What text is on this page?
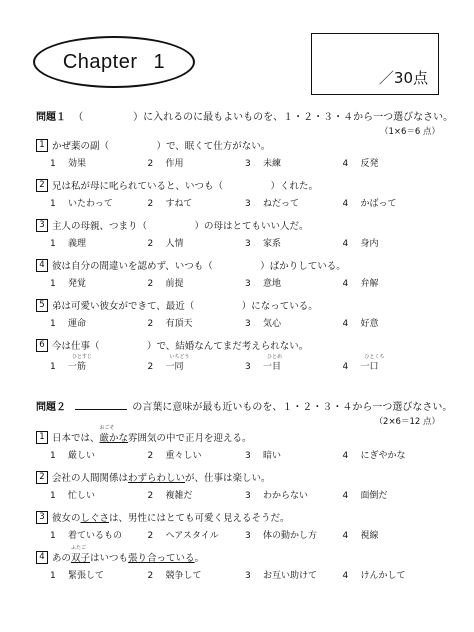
Chapter 1
／30点
問題１ （　　　　　）に入れるのに最もよいものを、１・２・３・４から一つ選びなさい。
（1×6＝6 点）
1 かぜ薬の副（　　　　　）で、眠くて仕方がない。
1 効果	2 作用	3 未練	4 反発
2 兄は私が母に叱られていると、いつも（　　　　　）くれた。
1 いたわって	2 すねて	3 ねだって	4 かばって
3 主人の母親、つまり（　　　　　）の母はとてもいい人だ。
1 義理	2 人情	3 家系	4 身内
4 彼は自分の間違いを認めず、いつも（　　　　　）ばかりしている。
1 発覚	2 前提	3 意地	4 弁解
5 弟は可愛い彼女ができて、最近（　　　　　）になっている。
1 運命	2 有頂天	3 気心	4 好意
6 今は仕事（　　　　　）で、結婚なんてまだ考えられない。
ひとすじ	いちどう	ひとめ	ひとくち
1 一筋	2 一同	3 一目	4 一口
問題２	の言葉に意味が最も近いものを、１・２・３・４から一つ選びなさい。
（2×6＝12 点）
1 日本では、
おごそ
厳かな 雰囲気の中で正月を迎える。
1 厳しい	2 重々しい	3 暗い	4 にぎやかな
2 会社の人間関係は わずらわしい が、仕事は楽しい。
1 忙しい	2 複雑だ	3 わからない	4 面倒だ
3 彼女の しぐさ は、男性にはとても可愛く見えるそうだ。
1 着ているもの	2 ヘアスタイル	3 体の動かし方	4 視線
4 あの
ふたご
双子 はいつも 張り合っている 。
1 緊張して	2 競争して	3 お互い助けて	4 けんかして
